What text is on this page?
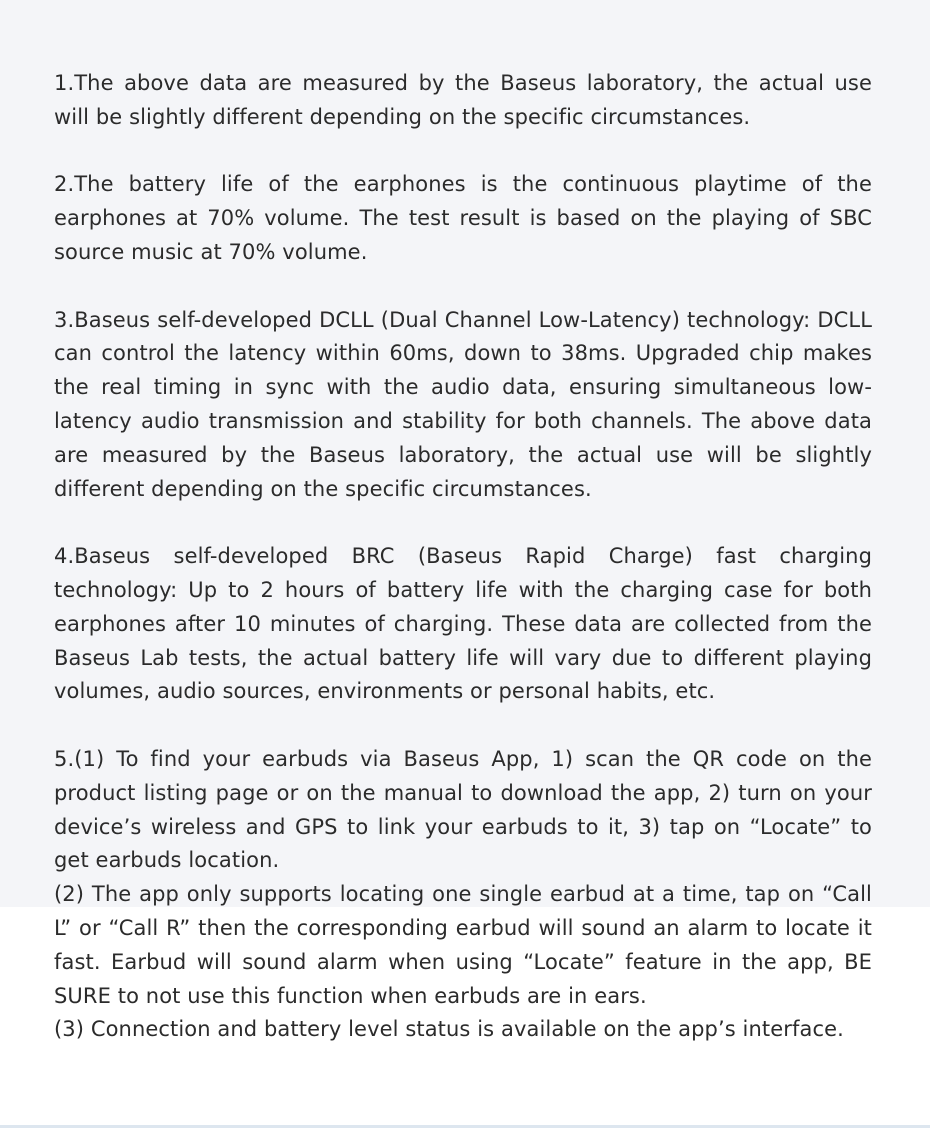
1.The above data are measured by the Baseus laboratory, the actual use will be slightly different depending on the specific circumstances.

2.The battery life of the earphones is the continuous playtime of the earphones at 70% volume. The test result is based on the playing of SBC source music at 70% volume.

3.Baseus self-developed DCLL (Dual Channel Low-Latency) technology: DCLL can control the latency within 60ms, down to 38ms. Upgraded chip makes the real timing in sync with the audio data, ensuring simultaneous low-latency audio transmission and stability for both channels. The above data are measured by the Baseus laboratory, the actual use will be slightly different depending on the specific circumstances.

4.Baseus self-developed BRC (Baseus Rapid Charge) fast charging technology: Up to 2 hours of battery life with the charging case for both earphones after 10 minutes of charging. These data are collected from the Baseus Lab tests, the actual battery life will vary due to different playing volumes, audio sources, environments or personal habits, etc.

5.(1) To find your earbuds via Baseus App, 1) scan the QR code on the product listing page or on the manual to download the app, 2) turn on your device’s wireless and GPS to link your earbuds to it, 3) tap on “Locate” to get earbuds location.

(2) The app only supports locating one single earbud at a time, tap on “Call L” or “Call R” then the corresponding earbud will sound an alarm to locate it fast. Earbud will sound alarm when using “Locate” feature in the app, BE SURE to not use this function when earbuds are in ears.

(3) Connection and battery level status is available on the app’s interface.
